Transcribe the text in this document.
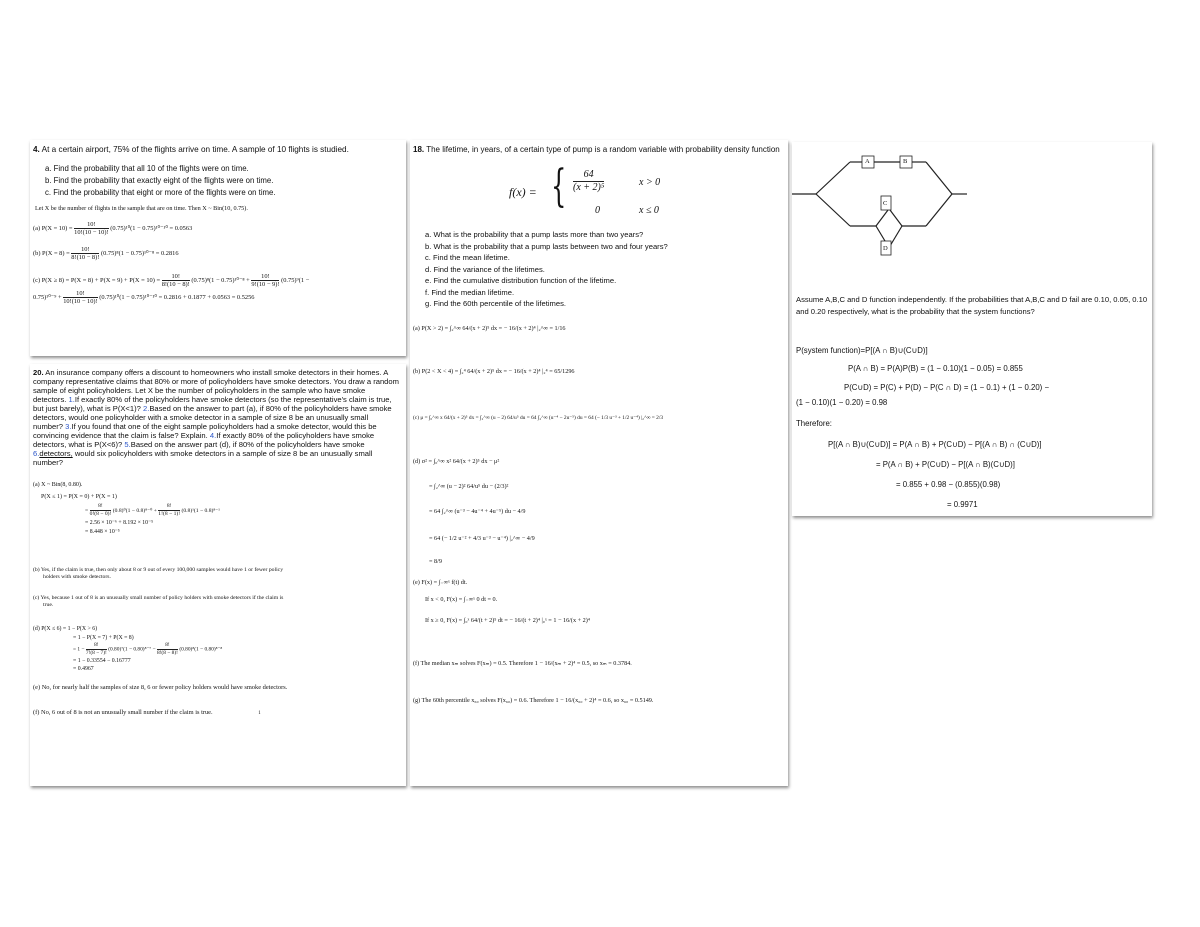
4. At a certain airport, 75% of the flights arrive on time. A sample of 10 flights is studied.
a. Find the probability that all 10 of the flights were on time.
b. Find the probability that exactly eight of the flights were on time.
c. Find the probability that eight or more of the flights were on time.
Let X be the number of flights in the sample that are on time. Then X ~ Bin(10, 0.75).
(a) $P(X = 10) = \frac{10!}{10!(10 - 10)!} (0.75)^{10}(1 - 0.75)^{10-10} = 0.0563$
(b) $P(X = 8) = \frac{10!}{8!(10 - 8)!} (0.75)^8(1 - 0.75)^{10-8} = 0.2816$
(c) $P(X \ge 8) = P(X = 8) + P(X = 9) + P(X = 10) = \frac{10!}{8!(10 - 8)!} (0.75)^8(1 - 0.75)^{10-8} + \frac{10!}{9!(10 - 9)!} (0.75)^9(1$ −
$0.75)^{10-9} + \frac{10!}{10!(10 - 10)!} (0.75)^{10}(1 - 0.75)^{10-10} = 0.2816 + 0.1877 + 0.0563 = 0.5256$
20. An insurance company offers a discount to homeowners who install smoke detectors in their homes. A company representative claims that 80% or more of policyholders have smoke detectors. You draw a random sample of eight policyholders. Let X be the number of policyholders in the sample who have smoke detectors. 1.If exactly 80% of the policyholders have smoke detectors (so the representative's claim is true, but just barely), what is P(X<1)? 2.Based on the answer to part (a), if 80% of the policyholders have smoke detectors, would one policyholder with a smoke detector in a sample of size 8 be an unusually small number? 3.If you found that one of the eight sample policyholders had a smoke detector, would this be convincing evidence that the claim is false? Explain. 4.If exactly 80% of the policyholders have smoke detectors, what is P(X<6)? 5.Based on the answer part (d), if 80% of the policyholders have smoke 6.detectors, would six policyholders with smoke detectors in a sample of size 8 be an unusually small number?
(a) X ~ Bin(8, 0.80).
P(X ≤ 1) = P(X = 0) + P(X = 1)
= $\frac{8!}{0!(8 - 0)!} (0.8)^0(1 - 0.8)^{8-0} + \frac{8!}{1!(8 - 1)!} (0.8)^1(1 - 0.8)^{8-1}$
= 2.56 × 10⁻⁶ + 8.192 × 10⁻⁵
= 8.448 × 10⁻⁵
(b) Yes, if the claim is true, then only about 8 or 9 out of every 100,000 samples would have 1 or fewer policy
holders with smoke detectors.
(c) Yes, because 1 out of 8 is an unusually small number of policy holders with smoke detectors if the claim is
true.
(d) P(X ≤ 6) = 1 − P(X > 6)
= 1 − P(X = 7) + P(X = 8)
= $1 - \frac{8!}{7!(8 - 7)!} (0.80)^7(1 - 0.80)^{8-7} - \frac{8!}{8!(8 - 8)!} (0.80)^8(1 - 0.80)^{8-8}$
= 1 − 0.33554 − 0.16777
= 0.4967
(e) No, for nearly half the samples of size 8, 6 or fewer policy holders would have smoke detectors.
(f) No, 6 out of 8 is not an unusually small number if the claim is true.	1
18. The lifetime, in years, of a certain type of pump is a random variable with probability density function
f(x) = { $\frac{64}{\text{(x + 2)⁵}}$
0
x > 0
x ≤ 0
a. What is the probability that a pump lasts more than two years?
b. What is the probability that a pump lasts between two and four years?
c. Find the mean lifetime.
d. Find the variance of the lifetimes.
e. Find the cumulative distribution function of the lifetime.
f. Find the median lifetime.
g. Find the 60th percentile of the lifetimes.
(a) P(X > 2) = ∫₂^∞ 64/(x + 2)⁵ dx = − 16/(x + 2)⁴ |₂^∞ = 1/16
(b) P(2 < X < 4) = ∫₂⁴ 64/(x + 2)⁵ dx = − 16/(x + 2)⁴ |₂⁴ = 65/1296
(c) μ = ∫₀^∞ x 64/(x + 2)⁵ dx = ∫₂^∞ (u − 2) 64/u⁵ du = 64 ∫₂^∞ (u⁻⁴ − 2u⁻⁵) du = 64 (− 1/3 u⁻³ + 1/2 u⁻⁴) |₂^∞ = 2/3
(d) σ² = ∫₀^∞ x² 64/(x + 2)⁵ dx − μ²
= ∫₂^∞ (u − 2)² 64/u⁵ du − (2/3)²
= 64 ∫₂^∞ (u⁻³ − 4u⁻⁴ + 4u⁻⁵) du − 4/9
= 64 (− 1/2 u⁻² + 4/3 u⁻³ − u⁻⁴) |₂^∞ − 4/9
= 8/9
(e) F(x) = ∫₋∞ˣ f(t) dt.
If x < 0, F(x) = ∫₋∞ˣ 0 dt = 0.
If x ≥ 0, F(x) = ∫₀ˣ 64/(t + 2)⁵ dt = − 16/(t + 2)⁴ |₀ˣ = 1 − 16/(x + 2)⁴
(f) The median xₘ solves F(xₘ) = 0.5. Therefore 1 − 16/(xₘ + 2)⁴ = 0.5, so xₘ = 0.3784.
(g) The 60th percentile x₆₀ solves F(x₆₀) = 0.6. Therefore 1 − 16/(x₆₀ + 2)⁴ = 0.6, so x₆₀ = 0.5149.
A	B
C
D
Assume A,B,C and D function independently. If the probabilities that A,B,C and D fail are 0.10, 0.05, 0.10 and 0.20 respectively, what is the probability that the system functions?
P(system function)=P[(A ∩ B)∪(C∪D)]
P(A ∩ B) = P(A)P(B) = (1 − 0.10)(1 − 0.05) = 0.855
P(C∪D) = P(C) + P(D) − P(C ∩ D) = (1 − 0.1) + (1 − 0.20) −
(1 − 0.10)(1 − 0.20) = 0.98
Therefore:
P[(A ∩ B)∪(C∪D)] = P(A ∩ B) + P(C∪D) − P[(A ∩ B) ∩ (C∪D)]
= P(A ∩ B) + P(C∪D) − P[(A ∩ B)(C∪D)]
= 0.855 + 0.98 − (0.855)(0.98)
= 0.9971
